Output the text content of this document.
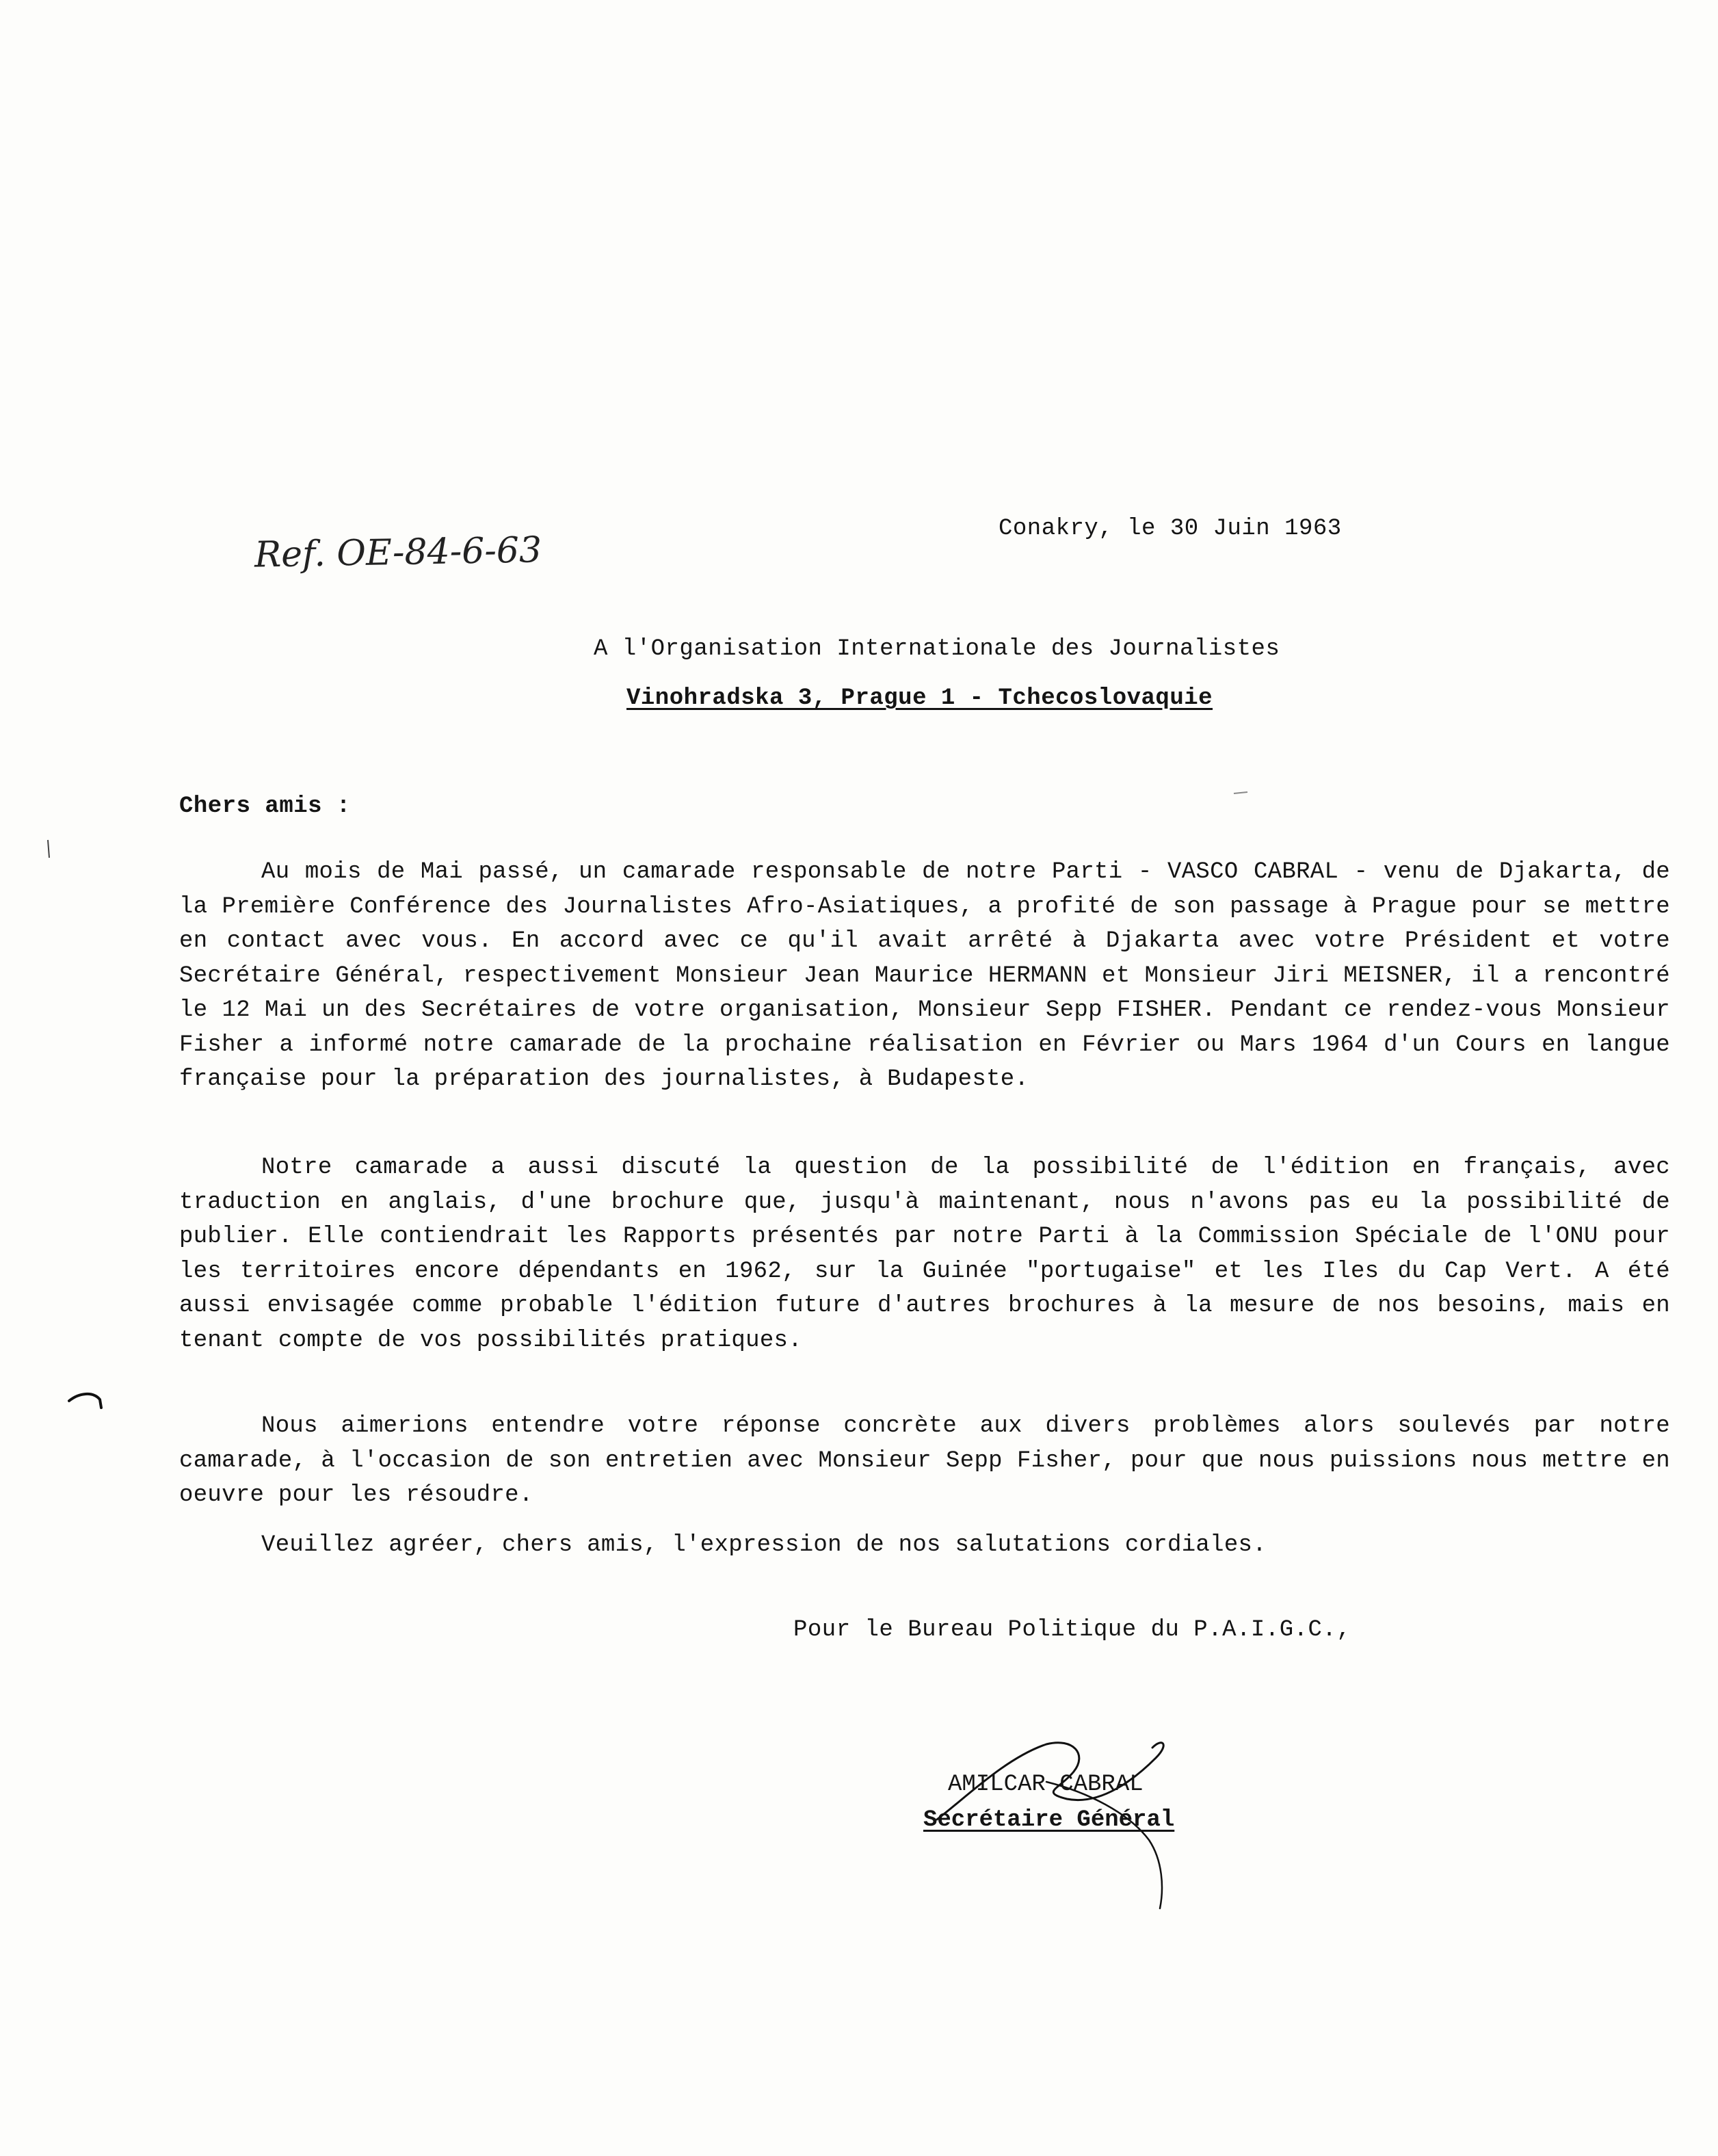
Ref. OE-84-6-63
Conakry, le 30 Juin 1963
A l'Organisation Internationale des Journalistes
Vinohradska 3, Prague 1 - Tchecoslovaquie
Chers amis :

Au mois de Mai passé, un camarade responsable de notre Parti - VASCO CABRAL - venu de Djakarta, de la Première Conférence des Journalistes Afro-Asiatiques, a profité de son passage à Prague pour se mettre en contact avec vous. En accord avec ce qu'il avait arrêté à Djakarta avec votre Président et votre Secrétaire Général, respectivement Monsieur Jean Maurice HERMANN et Monsieur Jiri MEISNER, il a rencontré le 12 Mai un des Secrétaires de votre organisation, Monsieur Sepp FISHER. Pendant ce rendez-vous Monsieur Fisher a informé notre camarade de la prochaine réalisation en Février ou Mars 1964 d'un Cours en langue française pour la préparation des journalistes, à Budapeste.

Notre camarade a aussi discuté la question de la possibilité de l'édition en français, avec traduction en anglais, d'une brochure que, jusqu'à maintenant, nous n'avons pas eu la possibilité de publier. Elle contiendrait les Rapports présentés par notre Parti à la Commission Spéciale de l'ONU pour les territoires encore dépendants en 1962, sur la Guinée "portugaise" et les Iles du Cap Vert. A été aussi envisagée comme probable l'édition future d'autres brochures à la mesure de nos besoins, mais en tenant compte de vos possibilités pratiques.

Nous aimerions entendre votre réponse concrète aux divers problèmes alors soulevés par notre camarade, à l'occasion de son entretien avec Monsieur Sepp Fisher, pour que nous puissions nous mettre en oeuvre pour les résoudre.

Veuillez agréer, chers amis, l'expression de nos salutations cordiales.

Pour le Bureau Politique du P.A.I.G.C.,
AMILCAR CABRAL
Secrétaire Général
